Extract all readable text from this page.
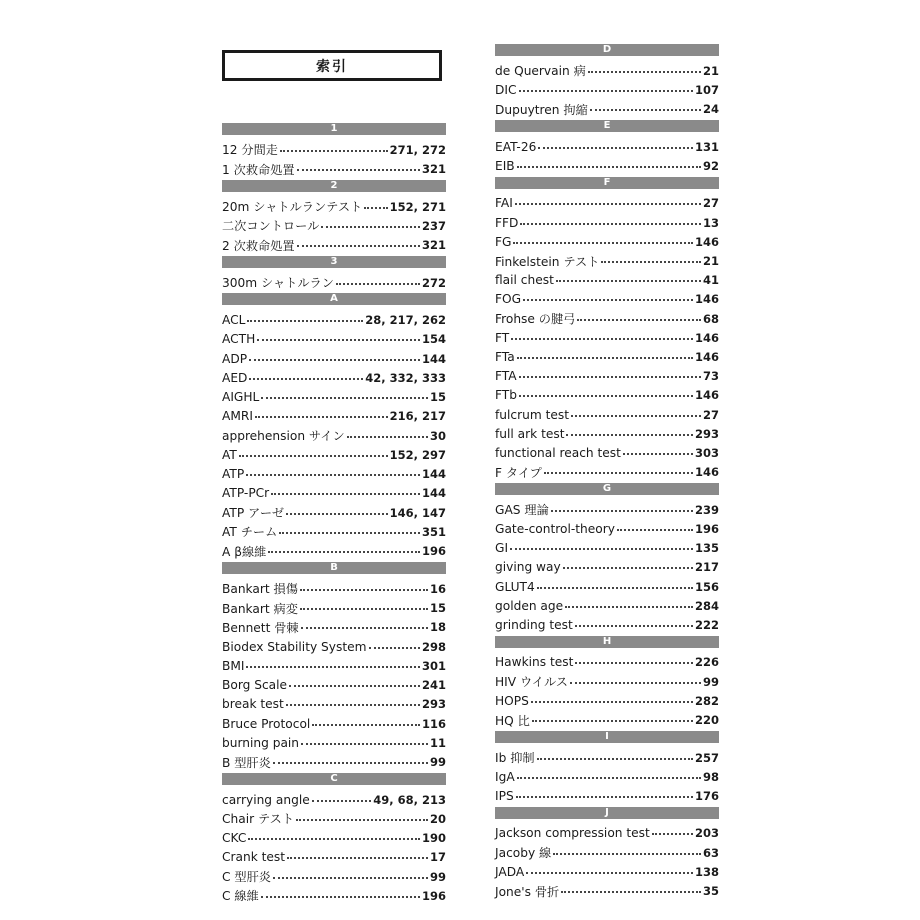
索引
1
12 分間走	271, 272
1 次救命処置	321
2
20m シャトルランテスト 152, 271
二次コントロール	237
2 次救命処置	321
3
300m シャトルラン	272
A
ACL	28, 217, 262
ACTH	154
ADP	144
AED	42, 332, 333
AIGHL	15
AMRI	216, 217
apprehension サイン	30
AT	152, 297
ATP	144
ATP-PCr	144
ATP アーゼ	146, 147
AT チーム	351
A β線維	196
B
Bankart 損傷	16
Bankart 病変	15
Bennett 骨棘	18
Biodex Stability System	298
BMI	301
Borg Scale	241
break test	293
Bruce Protocol	116
burning pain	11
B 型肝炎	99
C
carrying angle	49, 68, 213
Chair テスト	20
CKC	190
Crank test	17
C 型肝炎	99
C 線維	196
D
de Quervain 病	21
DIC	107
Dupuytren 拘縮	24
E
EAT-26	131
EIB	92
F
FAI	27
FFD	13
FG	146
Finkelstein テスト	21
flail chest	41
FOG	146
Frohse の腱弓	68
FT	146
FTa	146
FTA	73
FTb	146
fulcrum test	27
full ark test	293
functional reach test	303
F タイプ	146
G
GAS 理論	239
Gate-control-theory	196
GI	135
giving way	217
GLUT4	156
golden age	284
grinding test	222
H
Hawkins test	226
HIV ウイルス	99
HOPS	282
HQ 比	220
I
Ib 抑制	257
IgA	98
IPS	176
J
Jackson compression test	203
Jacoby 線	63
JADA	138
Jone's 骨折	35
